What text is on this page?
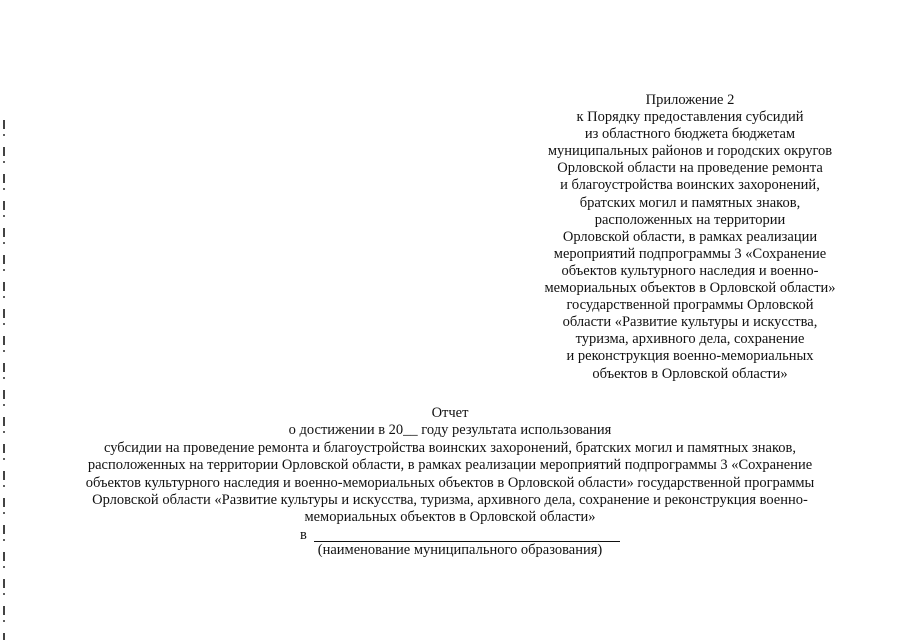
Приложение 2
к Порядку предоставления субсидий
из областного бюджета бюджетам
муниципальных районов и городских округов
Орловской области на проведение ремонта
и благоустройства воинских захоронений,
братских могил и памятных знаков,
расположенных на территории
Орловской области, в рамках реализации
мероприятий подпрограммы 3 «Сохранение
объектов культурного наследия и военно-
мемориальных объектов в Орловской области»
государственной программы Орловской
области «Развитие культуры и искусства,
туризма, архивного дела, сохранение
и реконструкция военно-мемориальных
объектов в Орловской области»
Отчет
о достижении в 20__ году результата использования
субсидии на проведение ремонта и благоустройства воинских захоронений, братских могил и памятных знаков,
расположенных на территории Орловской области, в рамках реализации мероприятий подпрограммы 3 «Сохранение
объектов культурного наследия и военно-мемориальных объектов в Орловской области» государственной программы
Орловской области «Развитие культуры и искусства, туризма, архивного дела, сохранение и реконструкция военно-
мемориальных объектов в Орловской области»
в
(наименование муниципального образования)
